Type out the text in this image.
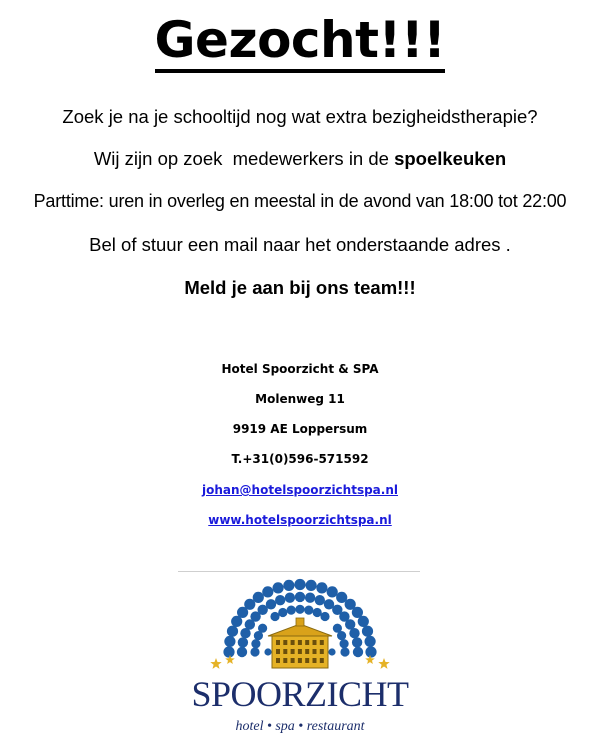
Gezocht!!!
Zoek je na je schooltijd nog wat extra bezigheidstherapie?
Wij zijn op zoek  medewerkers in de spoelkeuken
Parttime: uren in overleg en meestal in de avond van 18:00 tot 22:00
Bel of stuur een mail naar het onderstaande adres .
Meld je aan bij ons team!!!
Hotel Spoorzicht & SPA
Molenweg 11
9919 AE Loppersum
T.+31(0)596-571592
johan@hotelspoorzichtspa.nl
www.hotelspoorzichtspa.nl
SPOORZICHT
hotel • spa • restaurant
